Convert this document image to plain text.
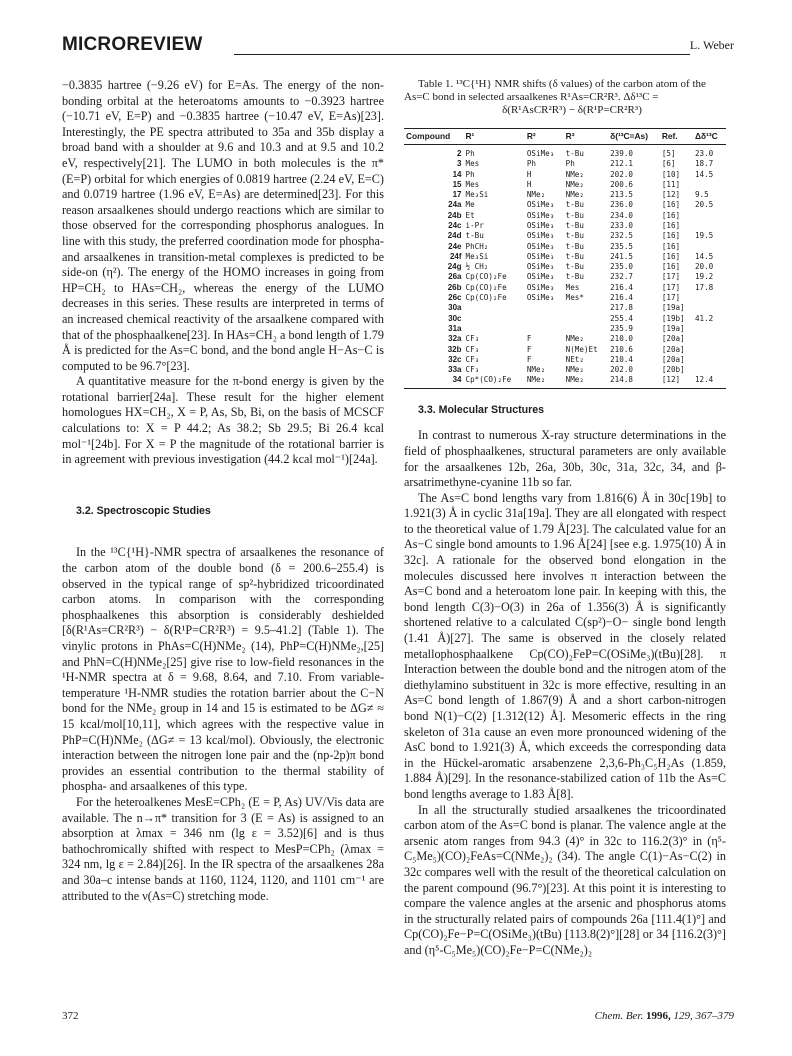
MICROREVIEW	L. Weber

−0.3835 hartree (−9.26 eV) for E=As. The energy of the non-bonding orbital at the heteroatoms amounts to −0.3923 hartree (−10.71 eV, E=P) and −0.3835 hartree (−10.47 eV, E=As)[23]. Interestingly, the PE spectra attributed to 35a and 35b display a broad band with a shoulder at 9.6 and 10.3 and at 9.5 and 10.2 eV, respectively[21]. The LUMO in both molecules is the π* (E=P) orbital for which energies of 0.0819 hartree (2.24 eV, E=C) and 0.0719 hartree (1.96 eV, E=As) are determined[23]. For this reason arsaalkenes should undergo reactions which are similar to those observed for the corresponding phosphorus analogues. In line with this study, the preferred coordination mode for phospha- and arsaalkenes in transition-metal complexes is predicted to be side-on (η²). The energy of the HOMO increases in going from HP=CH₂ to HAs=CH₂, whereas the energy of the LUMO decreases in this series. These results are interpreted in terms of an increased chemical reactivity of the arsaalkene compared with that of the phosphaalkene[23]. In HAs=CH₂ a bond length of 1.79 Å is predicted for the As=C bond, and the bond angle H−As−C is computed to be 96.7°[23].

A quantitative measure for the π-bond energy is given by the rotational barrier[24a]. These result for the higher element homologues HX=CH₂, X = P, As, Sb, Bi, on the basis of MCSCF calculations to: X = P 44.2; As 38.2; Sb 29.5; Bi 26.4 kcal mol⁻¹[24b]. For X = P the magnitude of the rotational barrier is in agreement with previous investigation (44.2 kcal mol⁻¹)[24a].

3.2. Spectroscopic Studies

In the ¹³C{¹H}-NMR spectra of arsaalkenes the resonance of the carbon atom of the double bond (δ = 200.6–255.4) is observed in the typical range of sp²-hybridized tricoordinated carbon atoms. In comparison with the corresponding phosphaalkenes this absorption is considerably deshielded [δ(R¹As=CR²R³) − δ(R¹P=CR²R³) = 9.5–41.2] (Table 1). The vinylic protons in PhAs=C(H)NMe₂ (14), PhP=C(H)NMe₂,[25] and PhN=C(H)NMe₂[25] give rise to low-field resonances in the ¹H-NMR spectra at δ = 9.68, 8.64, and 7.10. From variable-temperature ¹H-NMR studies the rotation barrier about the C−N bond for the NMe₂ group in 14 and 15 is estimated to be ΔG≠ ≈ 15 kcal/mol[10,11], which agrees with the respective value in PhP=C(H)NMe₂ (ΔG≠ = 13 kcal/mol). Obviously, the electronic interaction between the nitrogen lone pair and the (np-2p)π bond provides an essential contribution to the thermal stability of phospha- and arsaalkenes of this type.

For the heteroalkenes MesE=CPh₂ (E = P, As) UV/Vis data are available. The n→π* transition for 3 (E = As) is assigned to an absorption at λmax = 346 nm (lg ε = 3.52)[6] and is thus bathochromically shifted with respect to MesP=CPh₂ (λmax = 324 nm, lg ε = 2.84)[26]. In the IR spectra of the arsaalkenes 28a and 30a–c intense bands at 1160, 1124, 1120, and 1101 cm⁻¹ are attributed to the ν(As=C) stretching mode.

Table 1. ¹³C{¹H} NMR shifts (δ values) of the carbon atom of the As=C bond in selected arsaalkenes R¹As=CR²R³. Δδ¹³C =

δ(R¹AsCR²R³) − δ(R¹P=CR²R³)

Compound	R¹	R²	R³	δ(¹³C=As)	Ref.	Δδ¹³C
2	Ph	OSiMe₃	t-Bu	239.0	[5]	23.0
3	Mes	Ph	Ph	212.1	[6]	18.7
14	Ph	H	NMe₂	202.0	[10]	14.5
15	Mes	H	NMe₂	200.6	[11]	
17	Me₃Si	NMe₂	NMe₂	213.5	[12]	9.5
24a	Me	OSiMe₃	t-Bu	236.0	[16]	20.5
24b	Et	OSiMe₃	t-Bu	234.0	[16]	
24c	i-Pr	OSiMe₃	t-Bu	233.0	[16]	
24d	t-Bu	OSiMe₃	t-Bu	232.5	[16]	19.5
24e	PhCH₂	OSiMe₃	t-Bu	235.5	[16]	
24f	Me₃Si	OSiMe₃	t-Bu	241.5	[16]	14.5
24g	½ CH₂	OSiMe₃	t-Bu	235.0	[16]	20.0
26a	Cp(CO)₂Fe	OSiMe₃	t-Bu	232.7	[17]	19.2
26b	Cp(CO)₂Fe	OSiMe₃	Mes	216.4	[17]	17.8
26c	Cp(CO)₂Fe	OSiMe₃	Mes*	216.4	[17]	
30a				217.8	[19a]	
30c				255.4	[19b]	41.2
31a				235.9	[19a]	
32a	CF₃	F	NMe₂	210.0	[20a]	
32b	CF₃	F	N(Me)Et	210.6	[20a]	
32c	CF₃	F	NEt₂	210.4	[20a]	
33a	CF₃	NMe₂	NMe₂	202.0	[20b]	
34	Cp*(CO)₂Fe	NMe₂	NMe₂	214.8	[12]	12.4

3.3. Molecular Structures

In contrast to numerous X-ray structure determinations in the field of phosphaalkenes, structural parameters are only available for the arsaalkenes 12b, 26a, 30b, 30c, 31a, 32c, 34, and β-arsatrimethyne-cyanine 11b so far.

The As=C bond lengths vary from 1.816(6) Å in 30c[19b] to 1.921(3) Å in cyclic 31a[19a]. They are all elongated with respect to the theoretical value of 1.79 Å[23]. The calculated value for an As−C single bond amounts to 1.96 Å[24] [see e.g. 1.975(10) Å in 32c]. A rationale for the observed bond elongation in the molecules discussed here involves π interaction between the As=C bond and a heteroatom lone pair. In keeping with this, the bond length C(3)−O(3) in 26a of 1.356(3) Å is significantly shortened relative to a calculated C(sp²)−O− single bond length (1.41 Å)[27]. The same is observed in the closely related metallophosphaalkene Cp(CO)₂FeP=C(OSiMe₃)(tBu)[28]. π Interaction between the double bond and the nitrogen atom of the diethylamino substituent in 32c is more effective, resulting in an As=C bond length of 1.867(9) Å and a short carbon-nitrogen bond N(1)−C(2) [1.312(12) Å]. Mesomeric effects in the ring skeleton of 31a cause an even more pronounced widening of the AsC bond to 1.921(3) Å, which exceeds the corresponding data in the Hückel-aromatic arsabenzene 2,3,6-Ph₃C₅H₂As (1.859, 1.884 Å)[29]. In the resonance-stabilized cation of 11b the As=C bond lengths average to 1.83 Å[8].

In all the structurally studied arsaalkenes the tricoordinated carbon atom of the As=C bond is planar. The valence angle at the arsenic atom ranges from 94.3 (4)° in 32c to 116.2(3)° in (η⁵-C₅Me₅)(CO)₂FeAs=C(NMe₂)₂ (34). The angle C(1)−As−C(2) in 32c compares well with the result of the theoretical calculation on the parent compound (96.7°)[23]. At this point it is interesting to compare the valence angles at the arsenic and phosphorus atoms in the structurally related pairs of compounds 26a [111.4(1)°] and Cp(CO)₂Fe−P=C(OSiMe₃)(tBu) [113.8(2)°][28] or 34 [116.2(3)°] and (η⁵-C₅Me₅)(CO)₂Fe−P=C(NMe₂)₂

372	Chem. Ber. 1996, 129, 367–379
